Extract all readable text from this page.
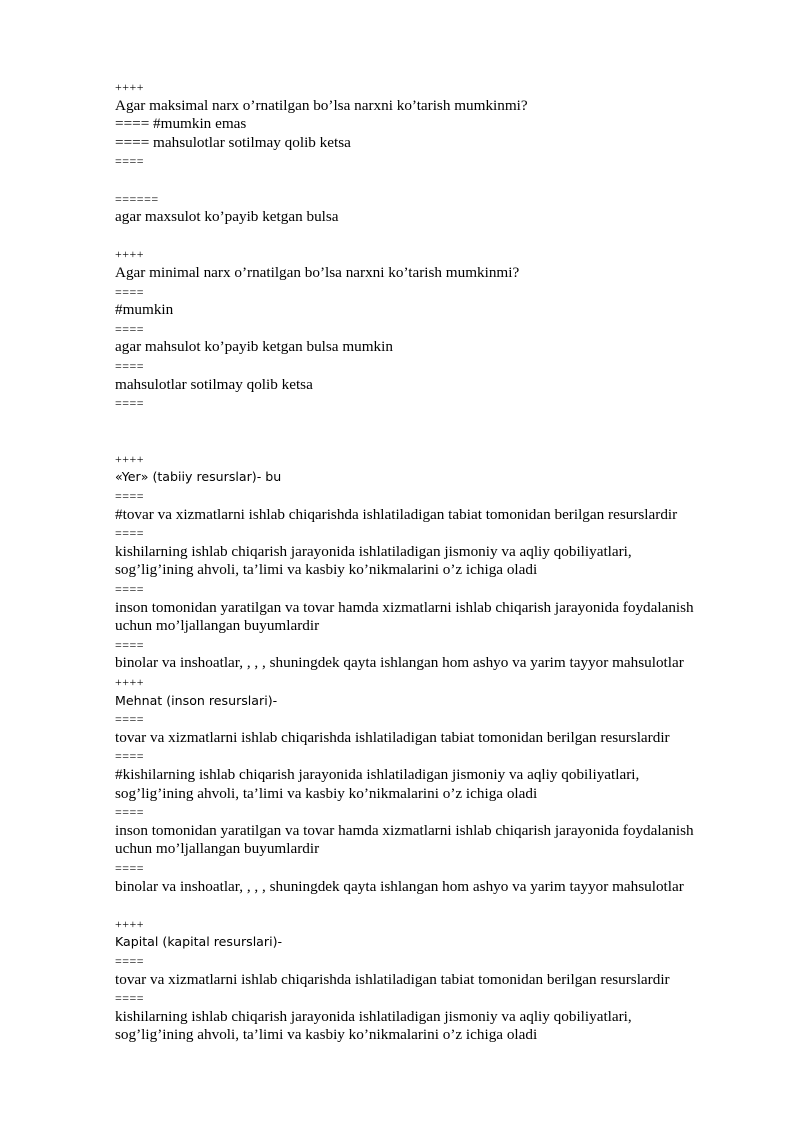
++++
Agar maksimal narx o’rnatilgan bo’lsa narxni ko’tarish mumkinmi?
==== #mumkin emas
==== mahsulotlar sotilmay qolib ketsa
====
======
agar maxsulot ko’payib ketgan bulsa
++++
Agar minimal narx o’rnatilgan bo’lsa narxni ko’tarish mumkinmi?
====
#mumkin
====
agar mahsulot ko’payib ketgan bulsa mumkin
====
mahsulotlar sotilmay qolib ketsa
====
++++
«Yer» (tabiiy resurslar)- bu
====
#tovar va xizmatlarni ishlab chiqarishda ishlatiladigan tabiat tomonidan berilgan resurslardir
====
kishilarning ishlab chiqarish jarayonida ishlatiladigan jismoniy va aqliy qobiliyatlari,
sog’lig’ining ahvoli, ta’limi va kasbiy ko’nikmalarini o’z ichiga oladi
====
inson tomonidan yaratilgan va tovar hamda xizmatlarni ishlab chiqarish jarayonida foydalanish
uchun mo’ljallangan buyumlardir
====
binolar va inshoatlar, , , , shuningdek qayta ishlangan hom ashyo va yarim tayyor mahsulotlar
++++
Mehnat (inson resurslari)-
====
tovar va xizmatlarni ishlab chiqarishda ishlatiladigan tabiat tomonidan berilgan resurslardir
====
#kishilarning ishlab chiqarish jarayonida ishlatiladigan jismoniy va aqliy qobiliyatlari,
sog’lig’ining ahvoli, ta’limi va kasbiy ko’nikmalarini o’z ichiga oladi
====
inson tomonidan yaratilgan va tovar hamda xizmatlarni ishlab chiqarish jarayonida foydalanish
uchun mo’ljallangan buyumlardir
====
binolar va inshoatlar, , , , shuningdek qayta ishlangan hom ashyo va yarim tayyor mahsulotlar
++++
Kapital (kapital resurslari)-
====
tovar va xizmatlarni ishlab chiqarishda ishlatiladigan tabiat tomonidan berilgan resurslardir
====
kishilarning ishlab chiqarish jarayonida ishlatiladigan jismoniy va aqliy qobiliyatlari,
sog’lig’ining ahvoli, ta’limi va kasbiy ko’nikmalarini o’z ichiga oladi
